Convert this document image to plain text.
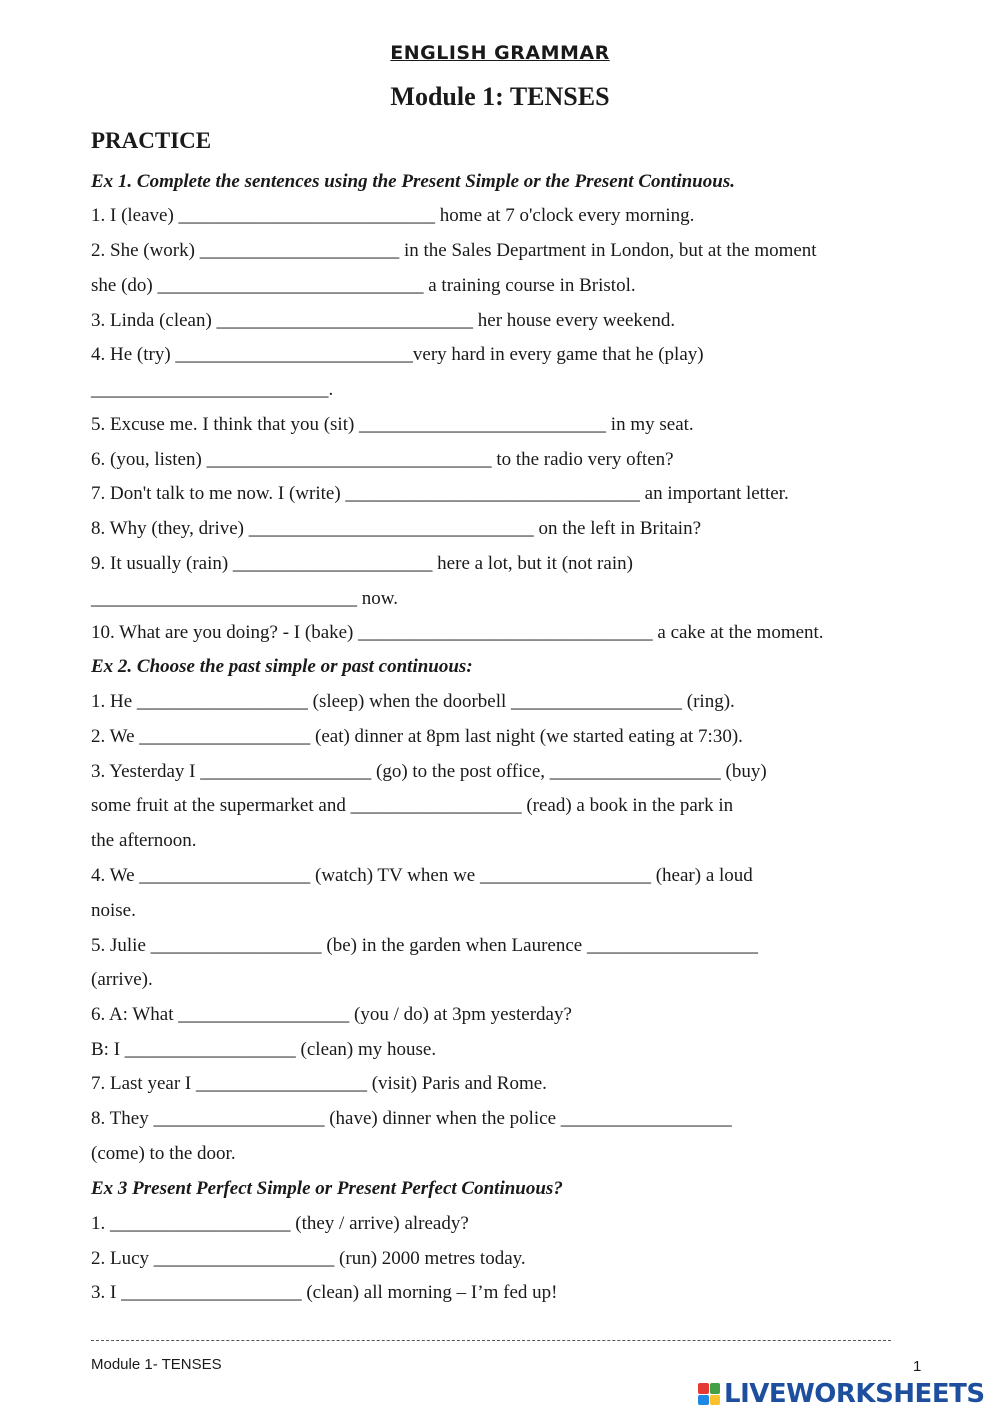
ENGLISH GRAMMAR
Module 1: TENSES
PRACTICE
Ex 1. Complete the sentences using the Present Simple or the Present Continuous.
1. I (leave) ___________________________ home at 7 o'clock every morning.
2. She (work) _____________________ in the Sales Department in London, but at the moment
she (do) ____________________________ a training course in Bristol.
3. Linda (clean) ___________________________ her house every weekend.
4. He (try) _________________________very hard in every game that he (play)
_________________________.
5. Excuse me. I think that you (sit) __________________________ in my seat.
6. (you, listen) ______________________________ to the radio very often?
7. Don't talk to me now. I (write) _______________________________ an important letter.
8. Why (they, drive) ______________________________ on the left in Britain?
9. It usually (rain) _____________________ here a lot, but it (not rain)
____________________________ now.
10. What are you doing? - I (bake) _______________________________ a cake at the moment.
Ex 2. Choose the past simple or past continuous:
1. He __________________ (sleep) when the doorbell __________________ (ring).
2. We __________________ (eat) dinner at 8pm last night (we started eating at 7:30).
3. Yesterday I __________________ (go) to the post office, __________________ (buy)
some fruit at the supermarket and __________________ (read) a book in the park in
the afternoon.
4. We __________________ (watch) TV when we __________________ (hear) a loud
noise.
5. Julie __________________ (be) in the garden when Laurence __________________
(arrive).
6. A: What __________________ (you / do) at 3pm yesterday?
B: I __________________ (clean) my house.
7. Last year I __________________ (visit) Paris and Rome.
8. They __________________ (have) dinner when the police __________________
(come) to the door.
Ex 3 Present Perfect Simple or Present Perfect Continuous?
1. ___________________ (they / arrive) already?
2. Lucy ___________________ (run) 2000 metres today.
3. I ___________________ (clean) all morning – I’m fed up!
Module 1- TENSES	1
LIVEWORKSHEETS
